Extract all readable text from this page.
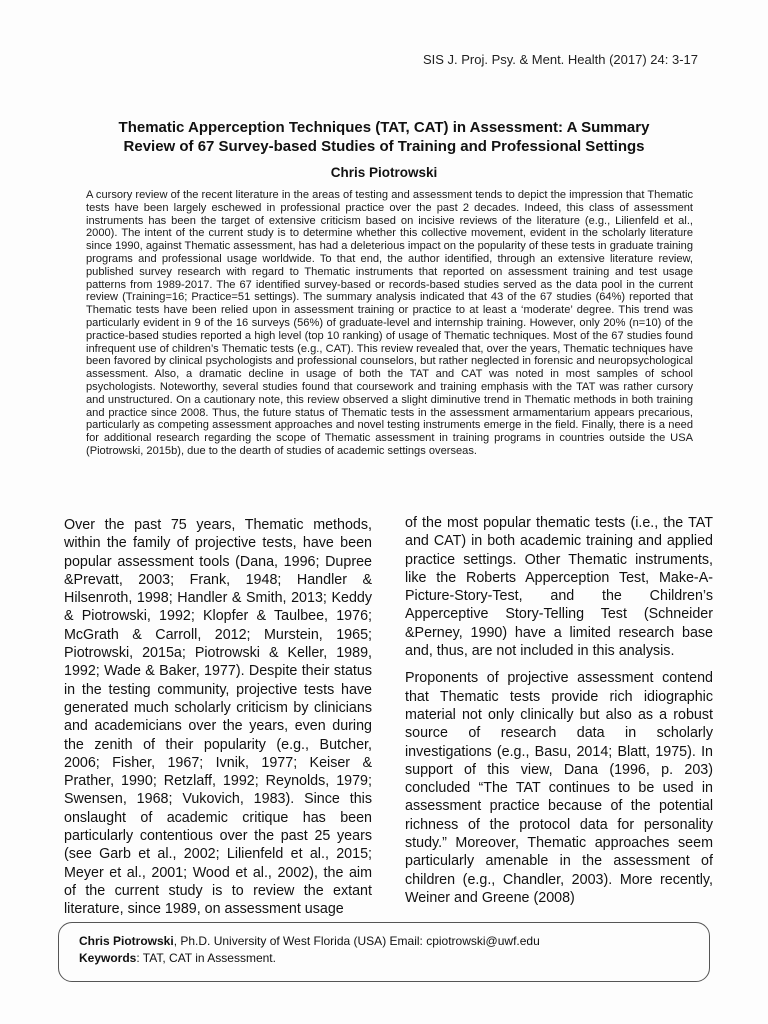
SIS J. Proj. Psy. & Ment. Health (2017) 24: 3-17
Thematic Apperception Techniques (TAT, CAT) in Assessment: A Summary
Review of 67 Survey-based Studies of Training and Professional Settings
Chris Piotrowski
A cursory review of the recent literature in the areas of testing and assessment tends to depict the impression that Thematic tests have been largely eschewed in professional practice over the past 2 decades. Indeed, this class of assessment instruments has been the target of extensive criticism based on incisive reviews of the literature (e.g., Lilienfeld et al., 2000). The intent of the current study is to determine whether this collective movement, evident in the scholarly literature since 1990, against Thematic assessment, has had a deleterious impact on the popularity of these tests in graduate training programs and professional usage worldwide. To that end, the author identified, through an extensive literature review, published survey research with regard to Thematic instruments that reported on assessment training and test usage patterns from 1989-2017. The 67 identified survey-based or records-based studies served as the data pool in the current review (Training=16; Practice=51 settings). The summary analysis indicated that 43 of the 67 studies (64%) reported that Thematic tests have been relied upon in assessment training or practice to at least a ‘moderate’ degree. This trend was particularly evident in 9 of the 16 surveys (56%) of graduate-level and internship training. However, only 20% (n=10) of the practice-based studies reported a high level (top 10 ranking) of usage of Thematic techniques. Most of the 67 studies found infrequent use of children’s Thematic tests (e.g., CAT). This review revealed that, over the years, Thematic techniques have been favored by clinical psychologists and professional counselors, but rather neglected in forensic and neuropsychological assessment. Also, a dramatic decline in usage of both the TAT and CAT was noted in most samples of school psychologists. Noteworthy, several studies found that coursework and training emphasis with the TAT was rather cursory and unstructured. On a cautionary note, this review observed a slight diminutive trend in Thematic methods in both training and practice since 2008. Thus, the future status of Thematic tests in the assessment armamentarium appears precarious, particularly as competing assessment approaches and novel testing instruments emerge in the field. Finally, there is a need for additional research regarding the scope of Thematic assessment in training programs in countries outside the USA (Piotrowski, 2015b), due to the dearth of studies of academic settings overseas.

Over the past 75 years, Thematic methods, within the family of projective tests, have been popular assessment tools (Dana, 1996; Dupree &Prevatt, 2003; Frank, 1948; Handler & Hilsenroth, 1998; Handler & Smith, 2013; Keddy & Piotrowski, 1992; Klopfer & Taulbee, 1976; McGrath & Carroll, 2012; Murstein, 1965; Piotrowski, 2015a; Piotrowski & Keller, 1989, 1992; Wade & Baker, 1977). Despite their status in the testing community, projective tests have generated much scholarly criticism by clinicians and academicians over the years, even during the zenith of their popularity (e.g., Butcher, 2006; Fisher, 1967; Ivnik, 1977; Keiser & Prather, 1990; Retzlaff, 1992; Reynolds, 1979; Swensen, 1968; Vukovich, 1983). Since this onslaught of academic critique has been particularly contentious over the past 25 years (see Garb et al., 2002; Lilienfeld et al., 2015; Meyer et al., 2001; Wood et al., 2002), the aim of the current study is to review the extant literature, since 1989, on assessment usage

of the most popular thematic tests (i.e., the TAT and CAT) in both academic training and applied practice settings. Other Thematic instruments, like the Roberts Apperception Test, Make-A-Picture-Story-Test, and the Children’s Apperceptive Story-Telling Test (Schneider &Perney, 1990) have a limited research base and, thus, are not included in this analysis.

Proponents of projective assessment contend that Thematic tests provide rich idiographic material not only clinically but also as a robust source of research data in scholarly investigations (e.g., Basu, 2014; Blatt, 1975). In support of this view, Dana (1996, p. 203) concluded “The TAT continues to be used in assessment practice because of the potential richness of the protocol data for personality study.” Moreover, Thematic approaches seem particularly amenable in the assessment of children (e.g., Chandler, 2003). More recently, Weiner and Greene (2008)

Chris Piotrowski, Ph.D. University of West Florida (USA) Email: cpiotrowski@uwf.edu
Keywords: TAT, CAT in Assessment.
